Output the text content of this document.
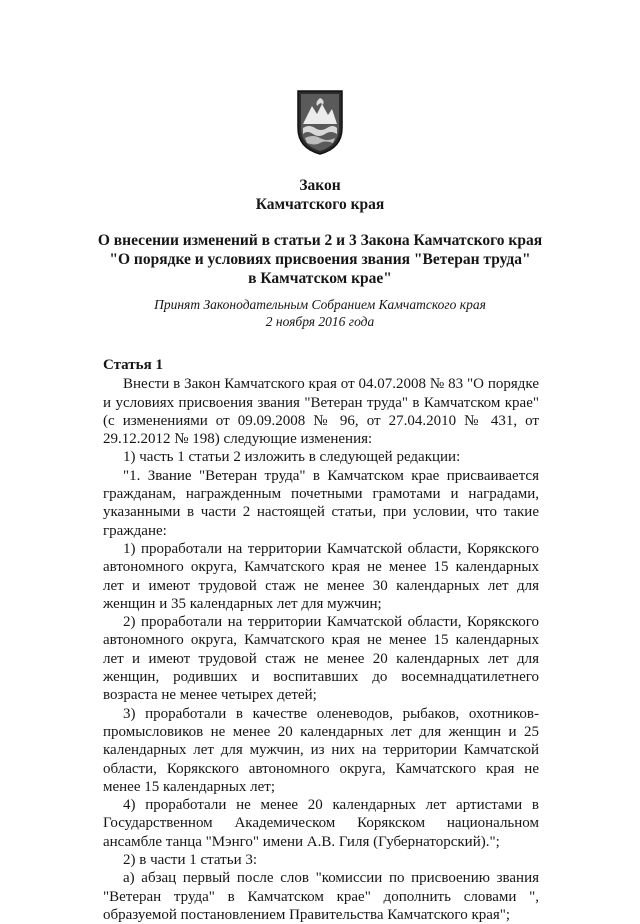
Закон
Камчатского края
О внесении изменений в статьи 2 и 3 Закона Камчатского края
"О порядке и условиях присвоения звания "Ветеран труда"
в Камчатском крае"
Принят Законодательным Собранием Камчатского края
2 ноября 2016 года
Статья 1

Внести в Закон Камчатского края от 04.07.2008 № 83 "О порядке и условиях присвоения звания "Ветеран труда" в Камчатском крае" (с изменениями от 09.09.2008 № 96, от 27.04.2010 № 431, от 29.12.2012 № 198) следующие изменения:

1) часть 1 статьи 2 изложить в следующей редакции:

"1. Звание "Ветеран труда" в Камчатском крае присваивается гражданам, награжденным почетными грамотами и наградами, указанными в части 2 настоящей статьи, при условии, что такие граждане:

1) проработали на территории Камчатской области, Корякского автономного округа, Камчатского края не менее 15 календарных лет и имеют трудовой стаж не менее 30 календарных лет для женщин и 35 календарных лет для мужчин;

2) проработали на территории Камчатской области, Корякского автономного округа, Камчатского края не менее 15 календарных лет и имеют трудовой стаж не менее 20 календарных лет для женщин, родивших и воспитавших до восемнадцатилетнего возраста не менее четырех детей;

3) проработали в качестве оленеводов, рыбаков, охотников-промысловиков не менее 20 календарных лет для женщин и 25 календарных лет для мужчин, из них на территории Камчатской области, Корякского автономного округа, Камчатского края не менее 15 календарных лет;

4) проработали не менее 20 календарных лет артистами в Государственном Академическом Корякском национальном ансамбле танца "Мэнго" имени А.В. Гиля (Губернаторский).";

2) в части 1 статьи 3:

а) абзац первый после слов "комиссии по присвоению звания "Ветеран труда" в Камчатском крае" дополнить словами ", образуемой постановлением Правительства Камчатского края";
